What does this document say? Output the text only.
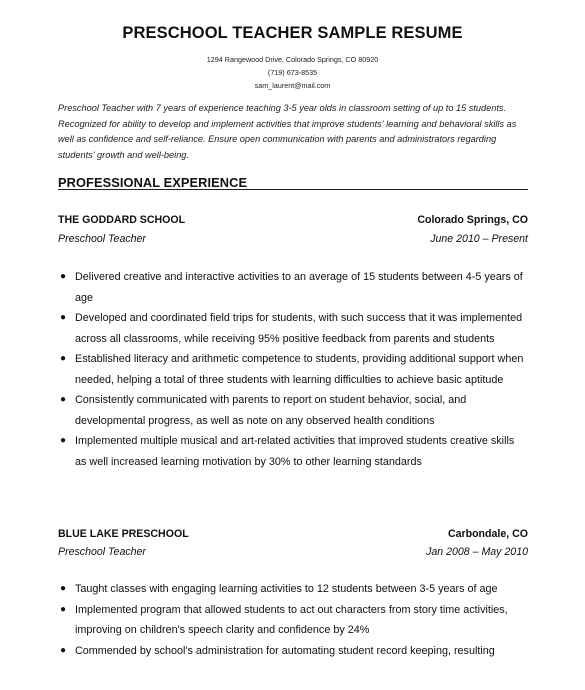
PRESCHOOL TEACHER SAMPLE RESUME
1294 Rangewood Drive, Colorado Springs, CO 80920
(719) 673-8535
sam_laurent@mail.com
Preschool Teacher with 7 years of experience teaching 3-5 year olds in classroom setting of up to 15 students. Recognized for ability to develop and implement activities that improve students' learning and behavioral skills as well as confidence and self-reliance. Ensure open communication with parents and administrators regarding students' growth and well-being.
PROFESSIONAL EXPERIENCE
THE GODDARD SCHOOL	Colorado Springs, CO
Preschool Teacher	June 2010 – Present
● Delivered creative and interactive activities to an average of 15 students between 4-5 years of age
● Developed and coordinated field trips for students, with such success that it was implemented across all classrooms, while receiving 95% positive feedback from parents and students
● Established literacy and arithmetic competence to students, providing additional support when needed, helping a total of three students with learning difficulties to achieve basic aptitude
● Consistently communicated with parents to report on student behavior, social, and developmental progress, as well as note on any observed health conditions
● Implemented multiple musical and art-related activities that improved students creative skills as well increased learning motivation by 30% to other learning standards
BLUE LAKE PRESCHOOL	Carbondale, CO
Preschool Teacher	Jan 2008 – May 2010
● Taught classes with engaging learning activities to 12 students between 3-5 years of age
● Implemented program that allowed students to act out characters from story time activities, improving on children's speech clarity and confidence by 24%
● Commended by school's administration for automating student record keeping, resulting
